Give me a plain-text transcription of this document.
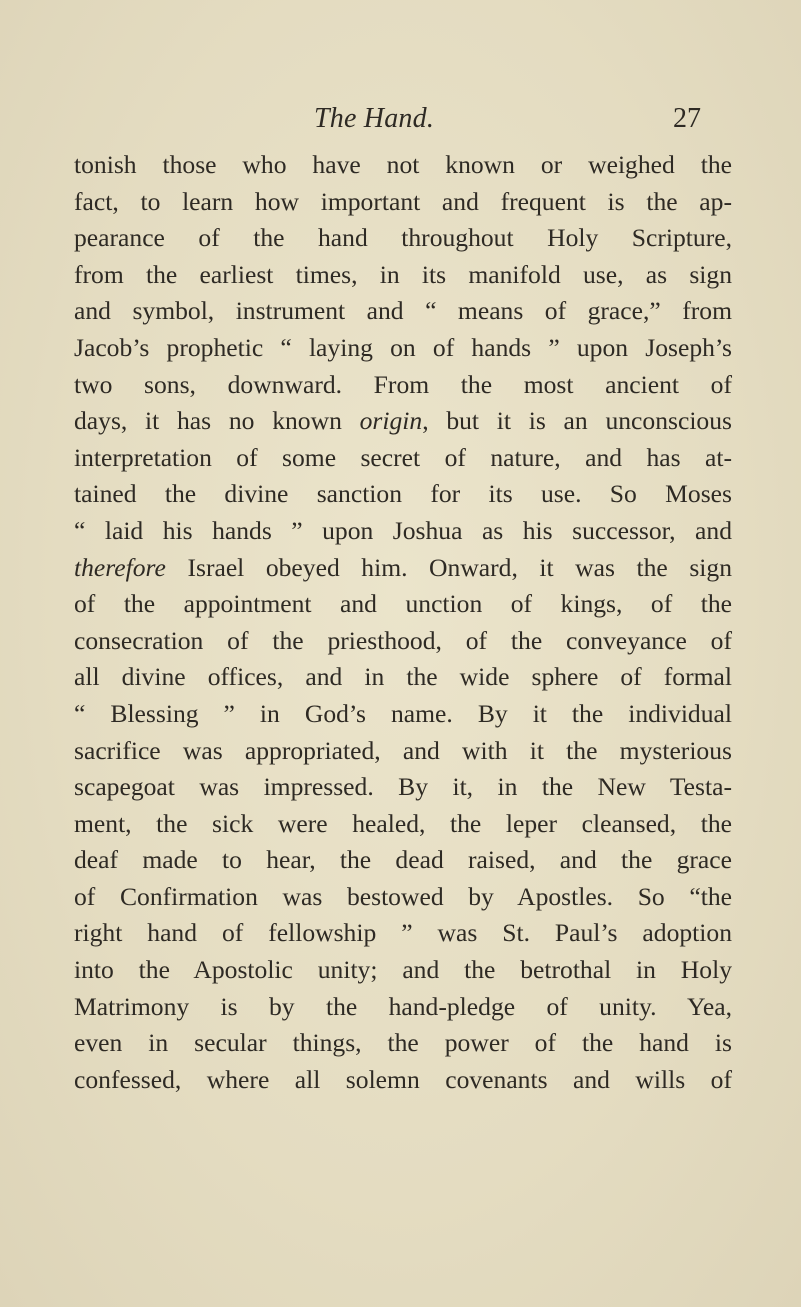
The Hand.	27
tonish those who have not known or weighed the
fact, to learn how important and frequent is the ap-
pearance of the hand throughout Holy Scripture,
from the earliest times, in its manifold use, as sign
and symbol, instrument and “ means of grace,” from
Jacob’s prophetic “ laying on of hands ” upon Joseph’s
two sons, downward. From the most ancient of
days, it has no known origin, but it is an unconscious
interpretation of some secret of nature, and has at-
tained the divine sanction for its use. So Moses
“ laid his hands ” upon Joshua as his successor, and
therefore Israel obeyed him. Onward, it was the sign
of the appointment and unction of kings, of the
consecration of the priesthood, of the conveyance of
all divine offices, and in the wide sphere of formal
“ Blessing ” in God’s name. By it the individual
sacrifice was appropriated, and with it the mysterious
scapegoat was impressed. By it, in the New Testa-
ment, the sick were healed, the leper cleansed, the
deaf made to hear, the dead raised, and the grace
of Confirmation was bestowed by Apostles. So “the
right hand of fellowship ” was St. Paul’s adoption
into the Apostolic unity; and the betrothal in Holy
Matrimony is by the hand-pledge of unity. Yea,
even in secular things, the power of the hand is
confessed, where all solemn covenants and wills of
